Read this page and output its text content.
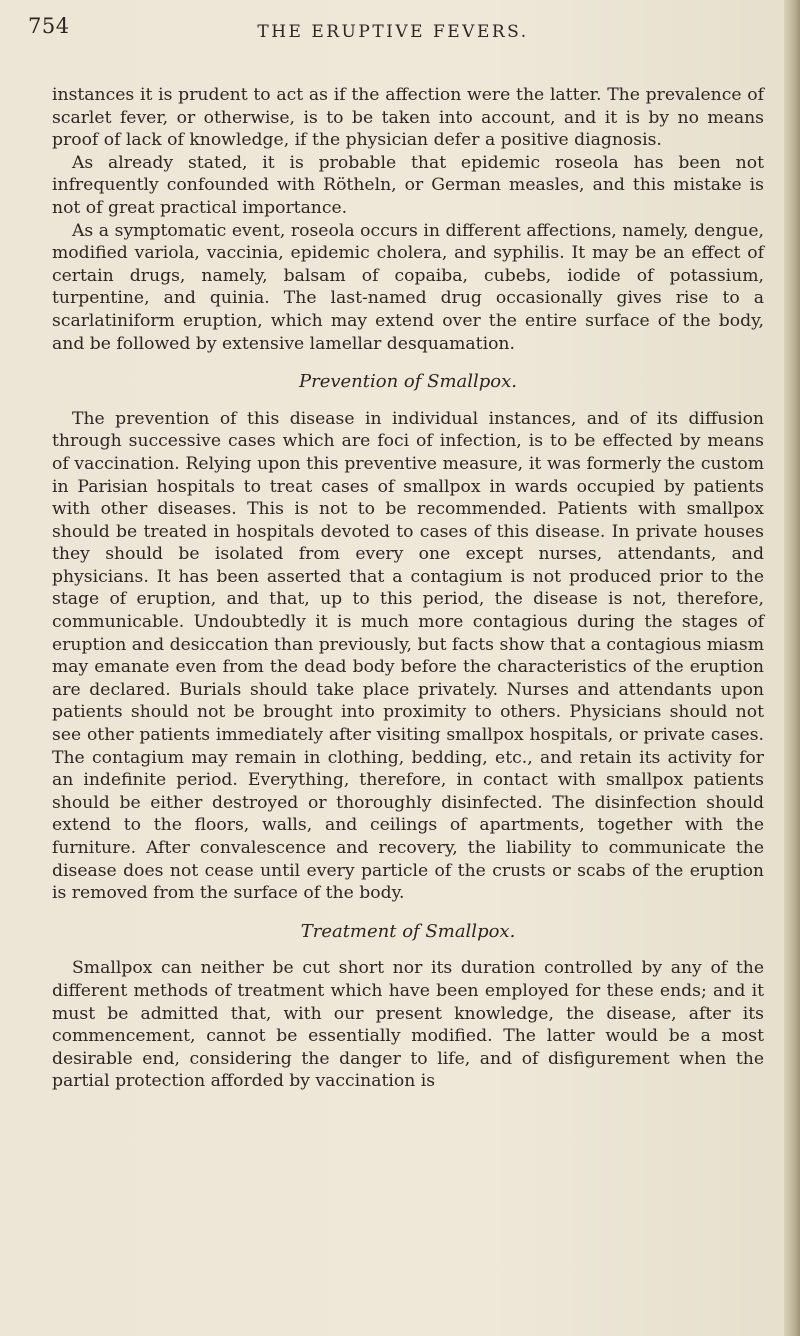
754	THE ERUPTIVE FEVERS.

instances it is prudent to act as if the affection were the latter. The prevalence of scarlet fever, or otherwise, is to be taken into account, and it is by no means proof of lack of knowledge, if the physician defer a positive diagnosis.

As already stated, it is probable that epidemic roseola has been not infrequently confounded with Rötheln, or German measles, and this mistake is not of great practical importance.

As a symptomatic event, roseola occurs in different affections, namely, dengue, modified variola, vaccinia, epidemic cholera, and syphilis. It may be an effect of certain drugs, namely, balsam of copaiba, cubebs, iodide of potassium, turpentine, and quinia. The last-named drug occasionally gives rise to a scarlatiniform eruption, which may extend over the entire surface of the body, and be followed by extensive lamellar desquamation.

Prevention of Smallpox.

The prevention of this disease in individual instances, and of its diffusion through successive cases which are foci of infection, is to be effected by means of vaccination. Relying upon this preventive measure, it was formerly the custom in Parisian hospitals to treat cases of smallpox in wards occupied by patients with other diseases. This is not to be recommended. Patients with smallpox should be treated in hospitals devoted to cases of this disease. In private houses they should be isolated from every one except nurses, attendants, and physicians. It has been asserted that a contagium is not produced prior to the stage of eruption, and that, up to this period, the disease is not, therefore, communicable. Undoubtedly it is much more contagious during the stages of eruption and desiccation than previously, but facts show that a contagious miasm may emanate even from the dead body before the characteristics of the eruption are declared. Burials should take place privately. Nurses and attendants upon patients should not be brought into proximity to others. Physicians should not see other patients immediately after visiting smallpox hospitals, or private cases. The contagium may remain in clothing, bedding, etc., and retain its activity for an indefinite period. Everything, therefore, in contact with smallpox patients should be either destroyed or thoroughly disinfected. The disinfection should extend to the floors, walls, and ceilings of apartments, together with the furniture. After convalescence and recovery, the liability to communicate the disease does not cease until every particle of the crusts or scabs of the eruption is removed from the surface of the body.

Treatment of Smallpox.

Smallpox can neither be cut short nor its duration controlled by any of the different methods of treatment which have been employed for these ends; and it must be admitted that, with our present knowledge, the disease, after its commencement, cannot be essentially modified. The latter would be a most desirable end, considering the danger to life, and of disfigurement when the partial protection afforded by vaccination is
